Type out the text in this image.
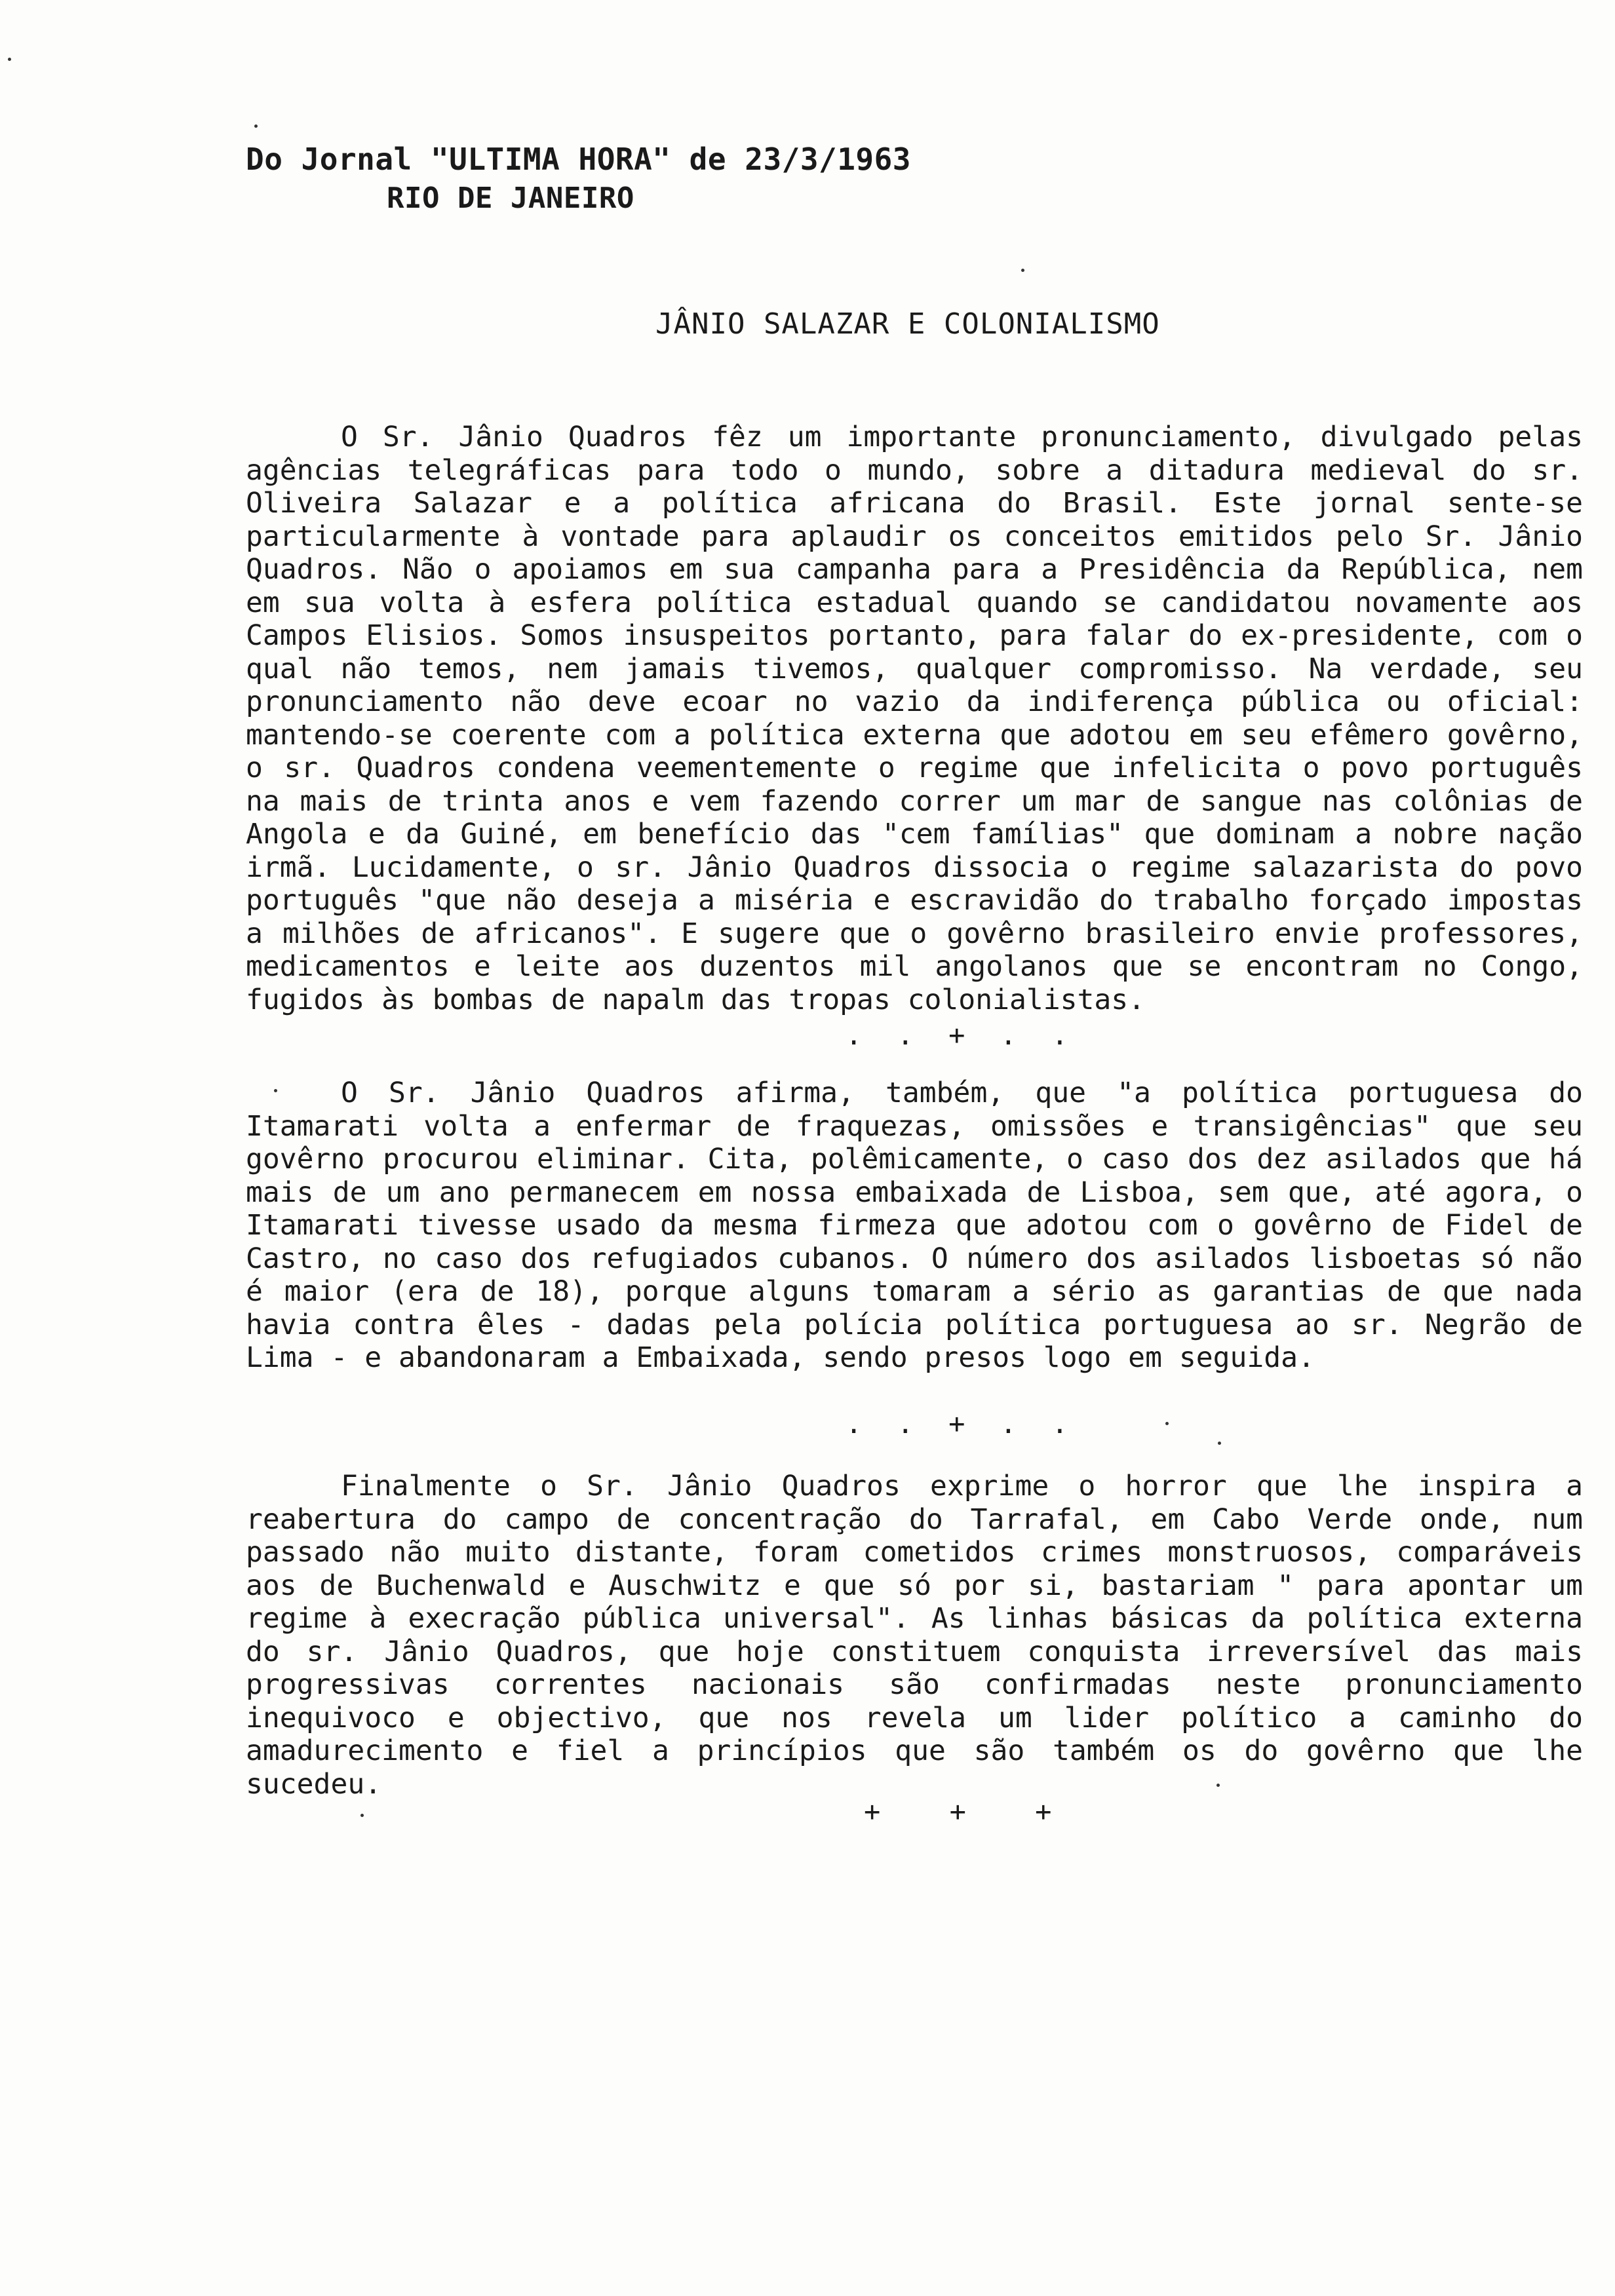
Do Jornal "ULTIMA HORA" de 23/3/1963
RIO DE JANEIRO
JÂNIO SALAZAR E COLONIALISMO
O Sr. Jânio Quadros fêz um importante pronunciamento, divulgado pelas agências telegráficas para todo o mundo, sobre a ditadura medieval do sr. Oliveira Salazar e a política africana do Brasil. Este jornal sente-se particularmente à vontade para aplaudir os conceitos emitidos pelo Sr. Jânio Quadros. Não o apoiamos em sua campanha para a Presidência da República, nem em sua volta à esfera política estadual quando se candidatou novamente aos Campos Elisios. Somos insuspeitos portanto, para falar do ex-presidente, com o qual não temos, nem jamais tivemos, qualquer compromisso. Na verdade, seu pronunciamento não deve ecoar no vazio da indiferença pública ou oficial: mantendo-se coerente com a política externa que adotou em seu efêmero govêrno, o sr. Quadros condena veementemente o regime que infelicita o povo português na mais de trinta anos e vem fazendo correr um mar de sangue nas colônias de Angola e da Guiné, em benefício das "cem famílias" que dominam a nobre nação irmã. Lucidamente, o sr. Jânio Quadros dissocia o regime salazarista do povo português "que não deseja a miséria e escravidão do trabalho forçado impostas a milhões de africanos". E sugere que o govêrno brasileiro envie professores, medicamentos e leite aos duzentos mil angolanos que se encontram no Congo, fugidos às bombas de napalm das tropas colonialistas.
. . + . .
O Sr. Jânio Quadros afirma, também, que "a política portuguesa do Itamarati volta a enfermar de fraquezas, omissões e transigências" que seu govêrno procurou eliminar. Cita, polêmicamente, o caso dos dez asilados que há mais de um ano permanecem em nossa embaixada de Lisboa, sem que, até agora, o Itamarati tivesse usado da mesma firmeza que adotou com o govêrno de Fidel de Castro, no caso dos refugiados cubanos. O número dos asilados lisboetas só não é maior (era de 18), porque alguns tomaram a sério as garantias de que nada havia contra êles - dadas pela polícia política portuguesa ao sr. Negrão de Lima - e abandonaram a Embaixada, sendo presos logo em seguida.
. . + . .
Finalmente o Sr. Jânio Quadros exprime o horror que lhe inspira a reabertura do campo de concentração do Tarrafal, em Cabo Verde onde, num passado não muito distante, foram cometidos crimes monstruosos, comparáveis aos de Buchenwald e Auschwitz e que só por si, bastariam " para apontar um regime à execração pública universal". As linhas básicas da política externa do sr. Jânio Quadros, que hoje constituem conquista irreversível das mais progressivas correntes nacionais são confirmadas neste pronunciamento inequivoco e objectivo, que nos revela um lider político a caminho do amadurecimento e fiel a princípios que são também os do govêrno que lhe sucedeu.
+ + +
